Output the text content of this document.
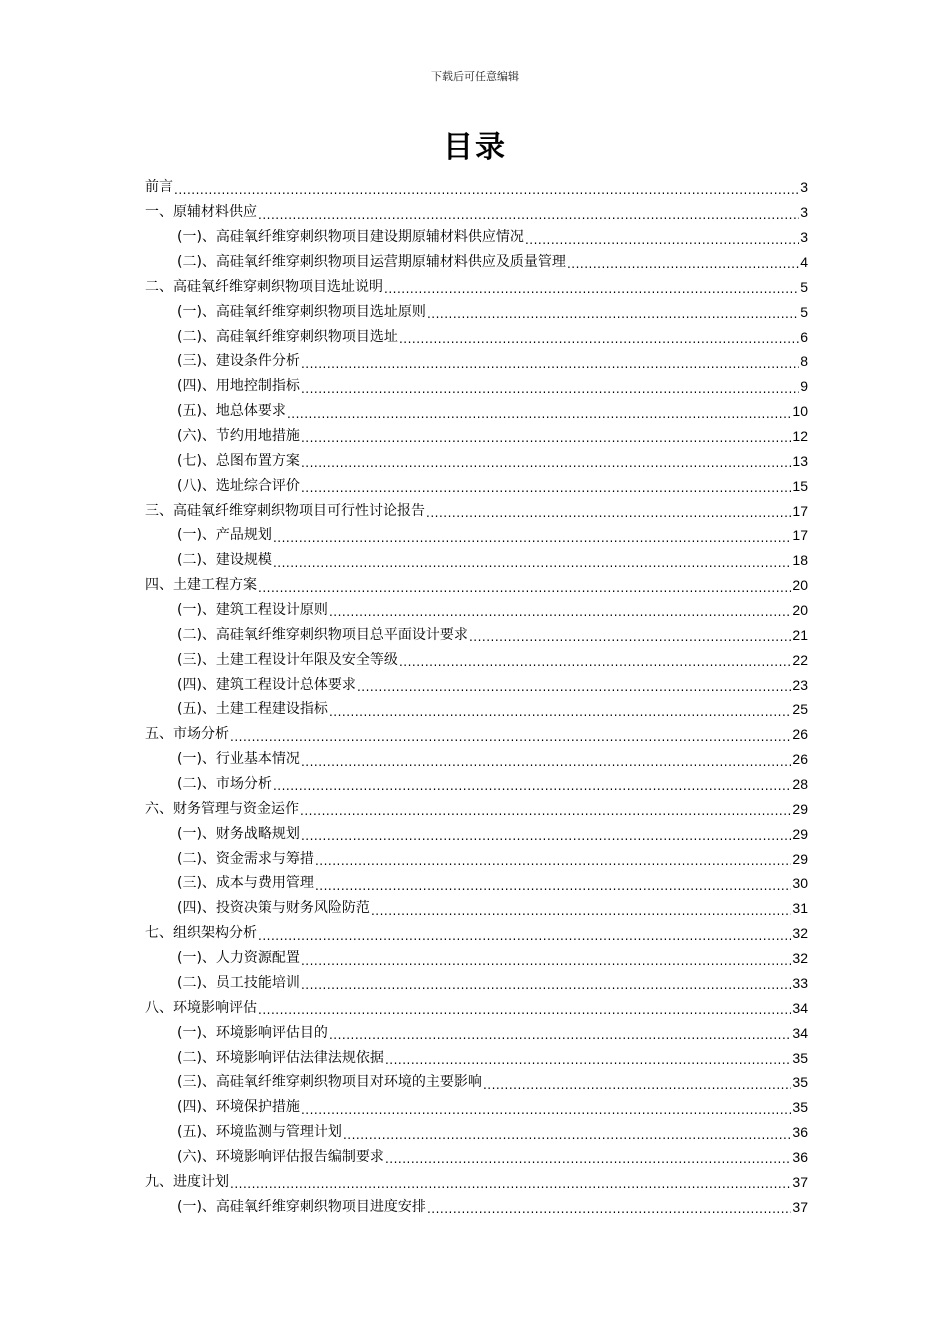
下载后可任意编辑
目录
前言 .....	3
一、原辅材料供应 .....	3
(一)、高硅氧纤维穿刺织物项目建设期原辅材料供应情况 .....	3
(二)、高硅氧纤维穿刺织物项目运营期原辅材料供应及质量管理 .....	4
二、高硅氧纤维穿刺织物项目选址说明 .....	5
(一)、高硅氧纤维穿刺织物项目选址原则 .....	5
(二)、高硅氧纤维穿刺织物项目选址 .....	6
(三)、建设条件分析 .....	8
(四)、用地控制指标 .....	9
(五)、地总体要求 .....	10
(六)、节约用地措施 .....	12
(七)、总图布置方案 .....	13
(八)、选址综合评价 .....	15
三、高硅氧纤维穿刺织物项目可行性讨论报告 .....	17
(一)、产品规划 .....	17
(二)、建设规模 .....	18
四、土建工程方案 .....	20
(一)、建筑工程设计原则 .....	20
(二)、高硅氧纤维穿刺织物项目总平面设计要求 .....	21
(三)、土建工程设计年限及安全等级 .....	22
(四)、建筑工程设计总体要求 .....	23
(五)、土建工程建设指标 .....	25
五、市场分析 .....	26
(一)、行业基本情况 .....	26
(二)、市场分析 .....	28
六、财务管理与资金运作 .....	29
(一)、财务战略规划 .....	29
(二)、资金需求与筹措 .....	29
(三)、成本与费用管理 .....	30
(四)、投资决策与财务风险防范 .....	31
七、组织架构分析 .....	32
(一)、人力资源配置 .....	32
(二)、员工技能培训 .....	33
八、环境影响评估 .....	34
(一)、环境影响评估目的 .....	34
(二)、环境影响评估法律法规依据 .....	35
(三)、高硅氧纤维穿刺织物项目对环境的主要影响 .....	35
(四)、环境保护措施 .....	35
(五)、环境监测与管理计划 .....	36
(六)、环境影响评估报告编制要求 .....	36
九、进度计划 .....	37
(一)、高硅氧纤维穿刺织物项目进度安排 .....	37
